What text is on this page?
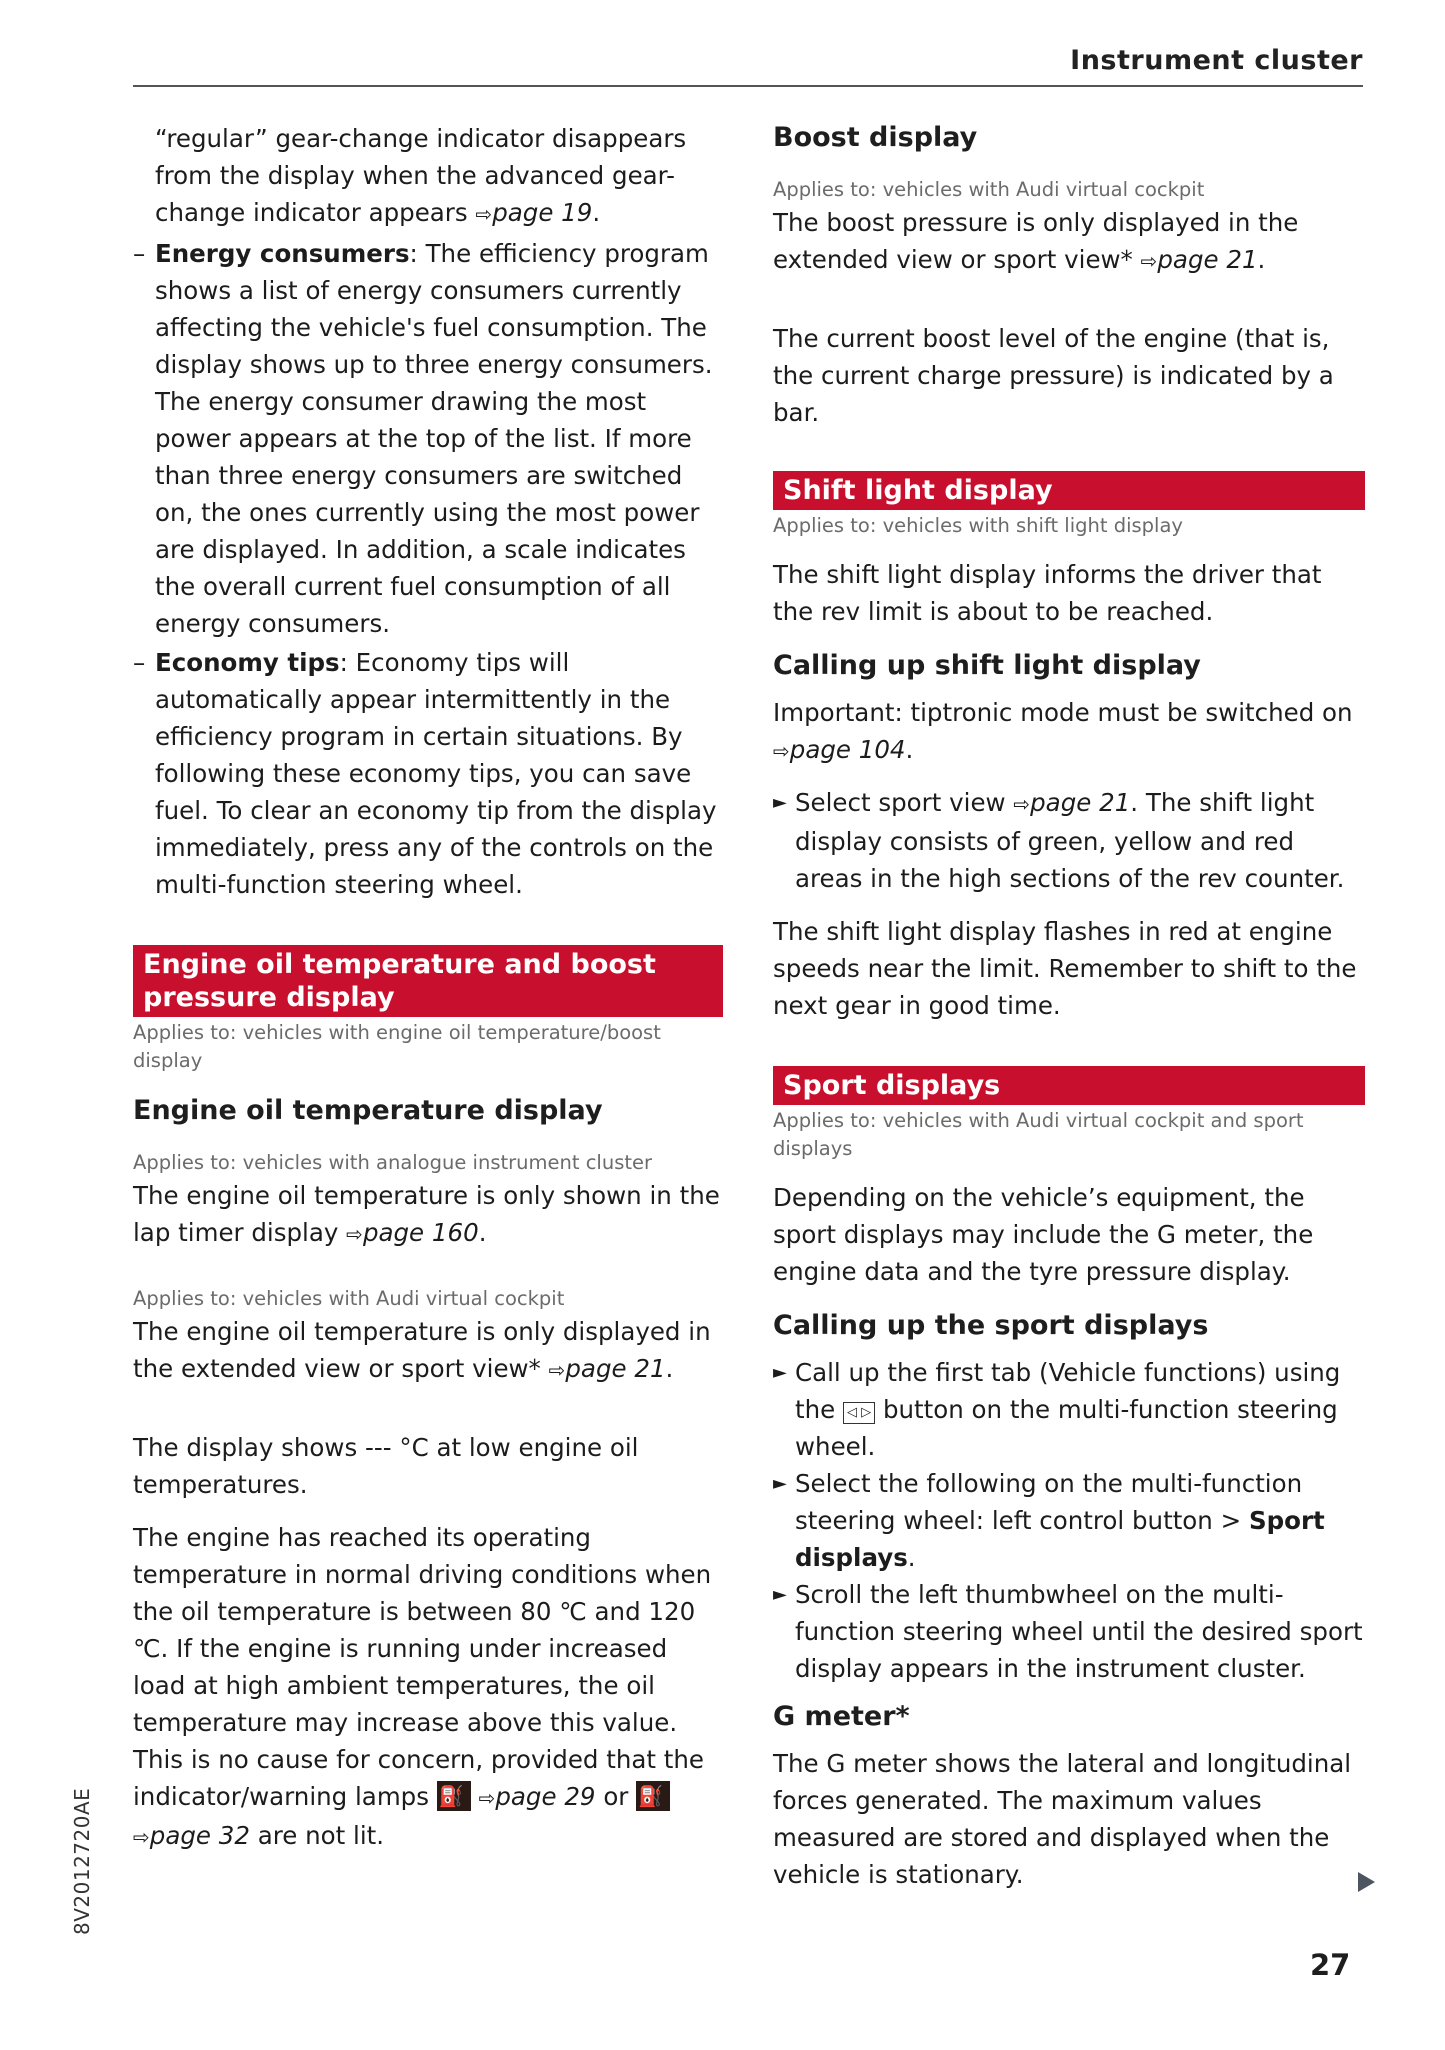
Instrument cluster

“regular” gear-change indicator disappears from the display when the advanced gear-change indicator appears ⇨page 19.

– Energy consumers: The efficiency program shows a list of energy consumers currently affecting the vehicle's fuel consumption. The display shows up to three energy consumers. The energy consumer drawing the most power appears at the top of the list. If more than three energy consumers are switched on, the ones currently using the most power are displayed. In addition, a scale indicates the overall current fuel consumption of all energy consumers.

– Economy tips: Economy tips will automatically appear intermittently in the efficiency program in certain situations. By following these economy tips, you can save fuel. To clear an economy tip from the display immediately, press any of the controls on the multi-function steering wheel.

Engine oil temperature and boost pressure display
Applies to: vehicles with engine oil temperature/boost display
Engine oil temperature display
Applies to: vehicles with analogue instrument cluster

The engine oil temperature is only shown in the lap timer display ⇨page 160.

Applies to: vehicles with Audi virtual cockpit

The engine oil temperature is only displayed in the extended view or sport view* ⇨page 21.

The display shows --- °C at low engine oil temperatures.

The engine has reached its operating temperature in normal driving conditions when the oil temperature is between 80 ℃ and 120 ℃. If the engine is running under increased load at high ambient temperatures, the oil temperature may increase above this value. This is no cause for concern, provided that the indicator/warning lamps ⛽ ⇨page 29 or ⛽
⇨page 32 are not lit.

Boost display
Applies to: vehicles with Audi virtual cockpit

The boost pressure is only displayed in the extended view or sport view* ⇨page 21.

The current boost level of the engine (that is, the current charge pressure) is indicated by a bar.

Shift light display
Applies to: vehicles with shift light display

The shift light display informs the driver that the rev limit is about to be reached.

Calling up shift light display

Important: tiptronic mode must be switched on ⇨page 104.

► Select sport view ⇨page 21. The shift light display consists of green, yellow and red areas in the high sections of the rev counter.

The shift light display flashes in red at engine speeds near the limit. Remember to shift to the next gear in good time.

Sport displays
Applies to: vehicles with Audi virtual cockpit and sport displays

Depending on the vehicle’s equipment, the sport displays may include the G meter, the engine data and the tyre pressure display.

Calling up the sport displays

► Call up the first tab (Vehicle functions) using the ◁ ▷ button on the multi-function steering wheel.

► Select the following on the multi-function steering wheel: left control button > Sport displays.

► Scroll the left thumbwheel on the multi-function steering wheel until the desired sport display appears in the instrument cluster.

G meter*

The G meter shows the lateral and longitudinal forces generated. The maximum values measured are stored and displayed when the vehicle is stationary.

8V2012720AE
27
